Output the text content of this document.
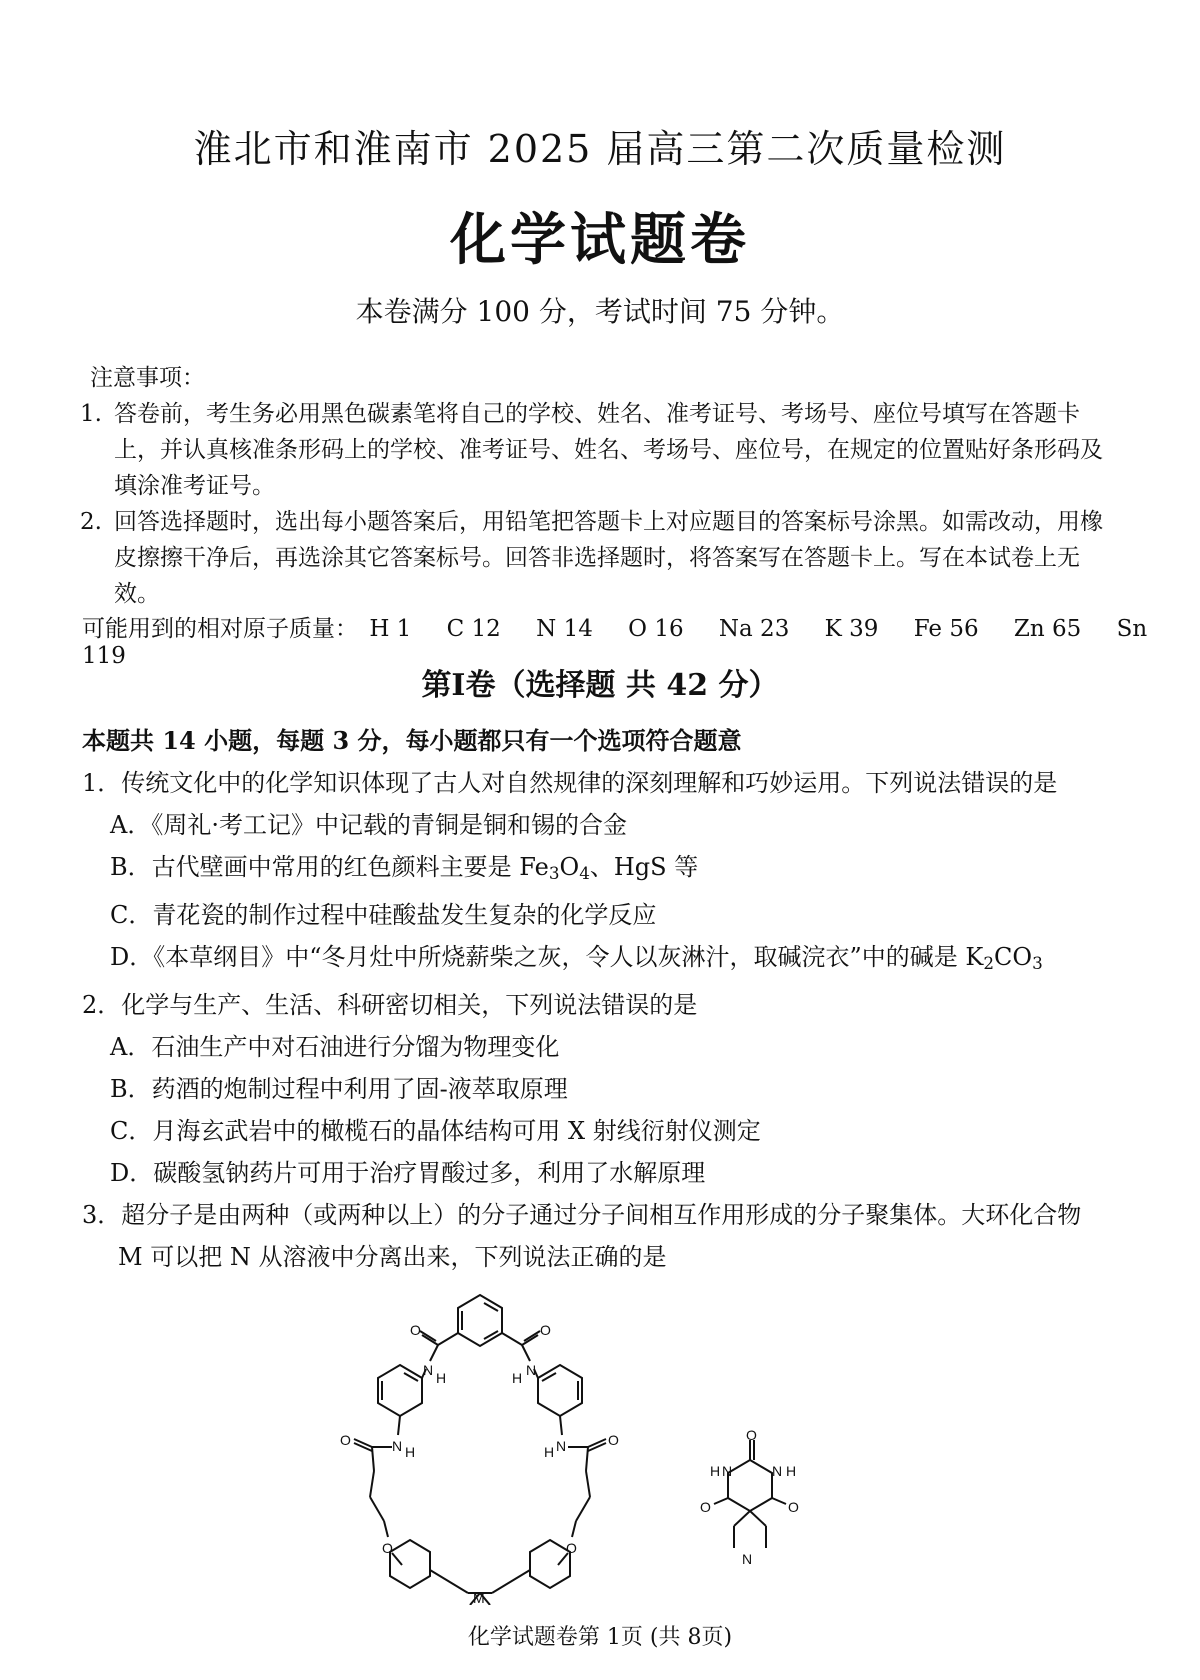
淮北市和淮南市 2025 届高三第二次质量检测
化学试题卷
本卷满分 100 分，考试时间 75 分钟。
注意事项：
1. 答卷前，考生务必用黑色碳素笔将自己的学校、姓名、准考证号、考场号、座位号填写在答题卡上，并认真核准条形码上的学校、准考证号、姓名、考场号、座位号，在规定的位置贴好条形码及填涂准考证号。
2. 回答选择题时，选出每小题答案后，用铅笔把答题卡上对应题目的答案标号涂黑。如需改动，用橡皮擦擦干净后，再选涂其它答案标号。回答非选择题时，将答案写在答题卡上。写在本试卷上无效。
可能用到的相对原子质量： H 1 C 12 N 14 O 16 Na 23 K 39 Fe 56 Zn 65 Sn 119
第Ⅰ卷（选择题 共 42 分）

本题共 14 小题，每题 3 分，每小题都只有一个选项符合题意

1．传统文化中的化学知识体现了古人对自然规律的深刻理解和巧妙运用。下列说法错误的是

A．《周礼·考工记》中记载的青铜是铜和锡的合金

B．古代壁画中常用的红色颜料主要是 $Fe_3O_4$、HgS 等

C．青花瓷的制作过程中硅酸盐发生复杂的化学反应

D．《本草纲目》中“冬月灶中所烧薪柴之灰，令人以灰淋汁，取碱浣衣”中的碱是 $K_2CO_3$

2．化学与生产、生活、科研密切相关，下列说法错误的是

A．石油生产中对石油进行分馏为物理变化

B．药酒的炮制过程中利用了固-液萃取原理

C．月海玄武岩中的橄榄石的晶体结构可用 X 射线衍射仪测定

D．碳酸氢钠药片可用于治疗胃酸过多，利用了水解原理

3．超分子是由两种（或两种以上）的分子通过分子间相互作用形成的分子聚集体。大环化合物

M 可以把 N 从溶液中分离出来，下列说法正确的是

O	O
N H	N
H
N H
O
O
N
H
O
O
M
O
H N	N H
O	O
N
化学试题卷第 1页 (共 8页)
